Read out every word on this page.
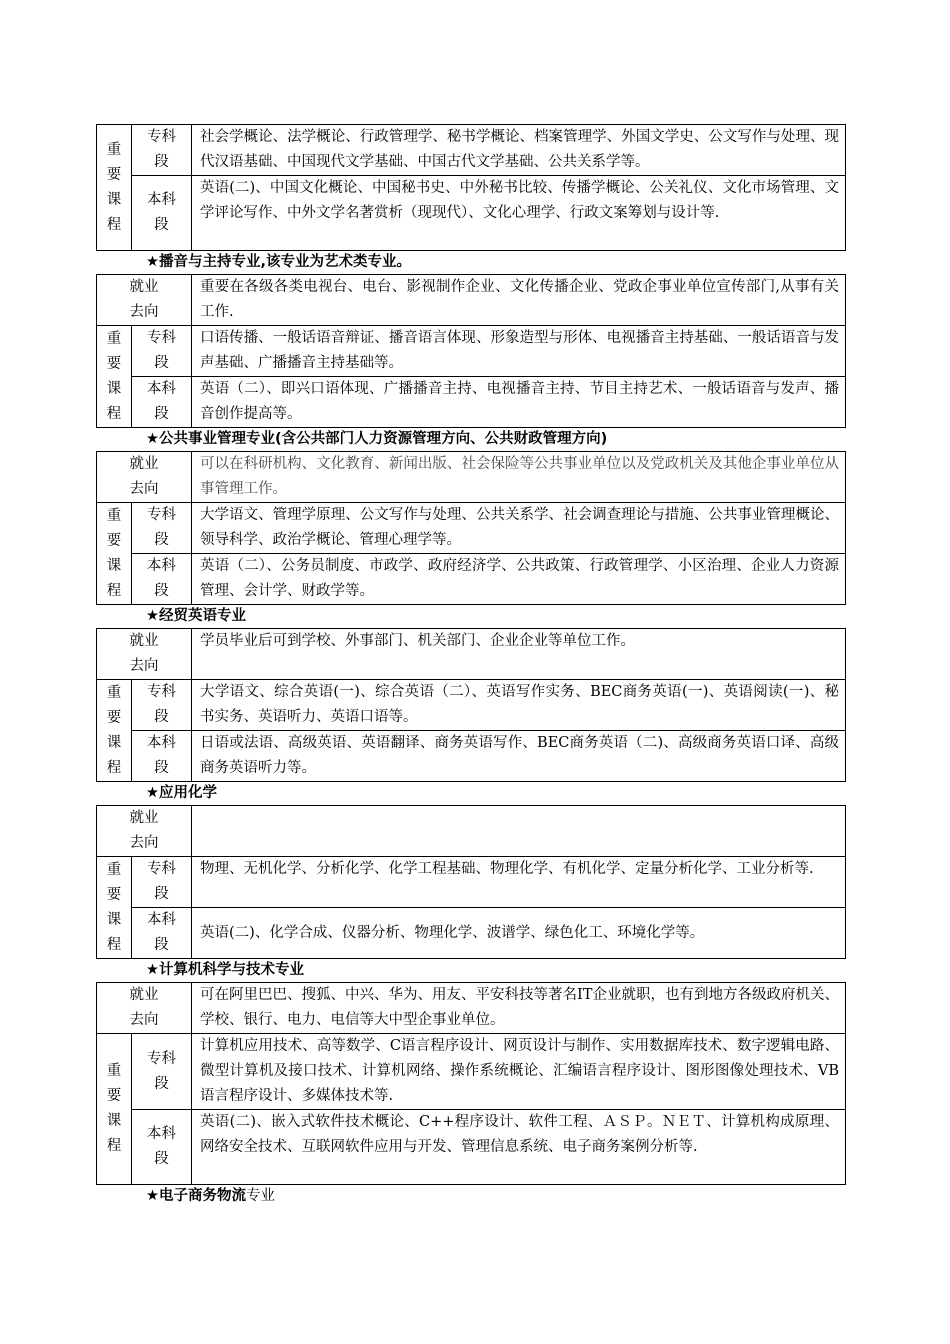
重
要
课
程	专科
段	社会学概论、法学概论、行政管理学、秘书学概论、档案管理学、外国文学史、公文写作与处理、现代汉语基础、中国现代文学基础、中国古代文学基础、公共关系学等。
	本科
段	英语(二)、中国文化概论、中国秘书史、中外秘书比较、传播学概论、公关礼仪、文化市场管理、文学评论写作、中外文学名著赏析（现现代）、文化心理学、行政文案筹划与设计等.
★播音与主持专业,该专业为艺术类专业。
就业
去向		重要在各级各类电视台、电台、影视制作企业、文化传播企业、党政企事业单位宣传部门,从事有关工作.
重
要
课
程	专科
段	口语传播、一般话语音辩证、播音语言体现、形象造型与形体、电视播音主持基础、一般话语音与发声基础、广播播音主持基础等。
	本科
段	英语（二）、即兴口语体现、广播播音主持、电视播音主持、节目主持艺术、一般话语音与发声、播音创作提高等。
★公共事业管理专业(含公共部门人力资源管理方向、公共财政管理方向)
就业
去向		可以在科研机构、文化教育、新闻出版、社会保险等公共事业单位以及党政机关及其他企事业单位从事管理工作。
重
要
课
程	专科
段	大学语文、管理学原理、公文写作与处理、公共关系学、社会调查理论与措施、公共事业管理概论、领导科学、政治学概论、管理心理学等。
	本科
段	英语（二）、公务员制度、市政学、政府经济学、公共政策、行政管理学、小区治理、企业人力资源管理、会计学、财政学等。
★经贸英语专业
就业
去向		学员毕业后可到学校、外事部门、机关部门、企业企业等单位工作。
重
要
课
程	专科
段	大学语文、综合英语(一)、综合英语（二）、英语写作实务、BEC商务英语(一)、英语阅读(一)、秘书实务、英语听力、英语口语等。
	本科
段	日语或法语、高级英语、英语翻译、商务英语写作、BEC商务英语（二)、高级商务英语口译、高级商务英语听力等。
★应用化学
就业
去向		
重
要
课
程	专科
段	物理、无机化学、分析化学、化学工程基础、物理化学、有机化学、定量分析化学、工业分析等.
	本科
段	英语(二)、化学合成、仪器分析、物理化学、波谱学、绿色化工、环境化学等。
★计算机科学与技术专业
就业
去向		可在阿里巴巴、搜狐、中兴、华为、用友、平安科技等著名IT企业就职，也有到地方各级政府机关、学校、银行、电力、电信等大中型企事业单位。
重
要
课
程	专科
段	计算机应用技术、高等数学、C语言程序设计、网页设计与制作、实用数据库技术、数字逻辑电路、微型计算机及接口技术、计算机网络、操作系统概论、汇编语言程序设计、图形图像处理技术、VB语言程序设计、多媒体技术等.
	本科
段	英语(二)、嵌入式软件技术概论、C++程序设计、软件工程、ＡＳＰ。ＮＥＴ、计算机构成原理、网络安全技术、互联网软件应用与开发、管理信息系统、电子商务案例分析等.
★电子商务物流专业
